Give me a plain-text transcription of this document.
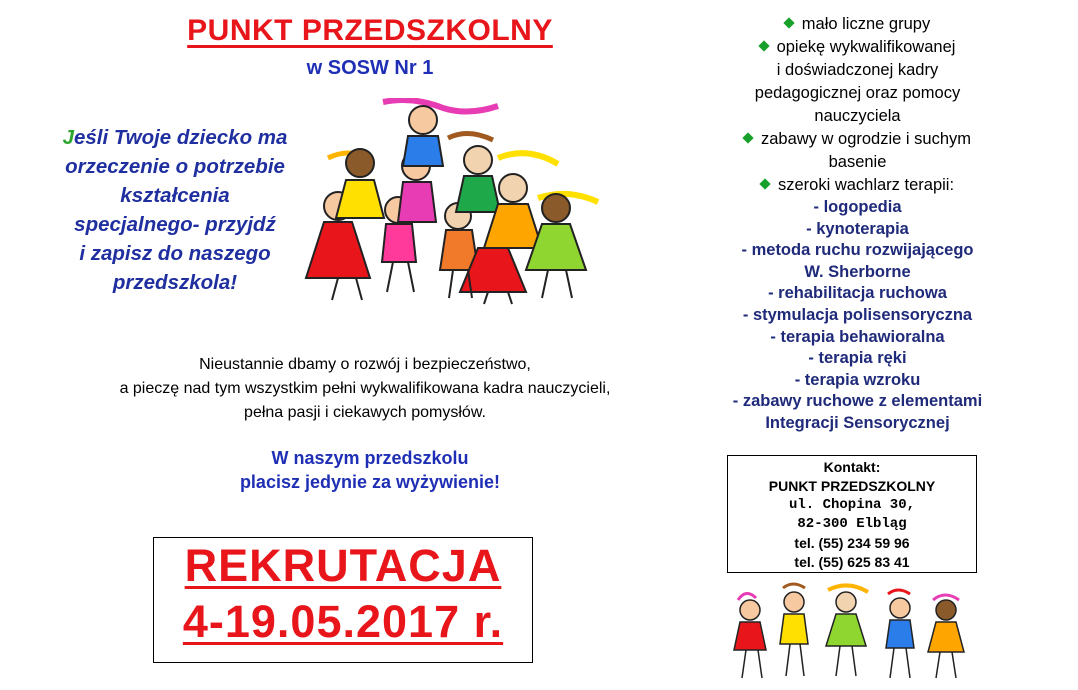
PUNKT PRZEDSZKOLNY
w SOSW Nr 1
Jeśli Twoje dziecko ma
orzeczenie o potrzebie
kształcenia
specjalnego- przyjdź
i zapisz do naszego
przedszkola!
Nieustannie dbamy o rozwój i bezpieczeństwo,
a pieczę nad tym wszystkim pełni wykwalifikowana kadra nauczycieli,
pełna pasji i ciekawych pomysłów.
W naszym przedszkolu
placisz jedynie za wyżywienie!
REKRUTACJA
4-19.05.2017 r.
mało liczne grupy
opiekę wykwalifikowanej
i doświadczonej kadry
pedagogicznej oraz pomocy
nauczyciela
zabawy w ogrodzie i suchym
basenie
szeroki wachlarz terapii:
- logopedia
- kynoterapia
- metoda ruchu rozwijającego
W. Sherborne
- rehabilitacja ruchowa
- stymulacja polisensoryczna
- terapia behawioralna
- terapia ręki
- terapia wzroku
- zabawy ruchowe z elementami
Integracji Sensorycznej
Kontakt:
PUNKT PRZEDSZKOLNY
ul. Chopina 30,
82-300 Elbląg
tel. (55) 234 59 96
tel. (55) 625 83 41
